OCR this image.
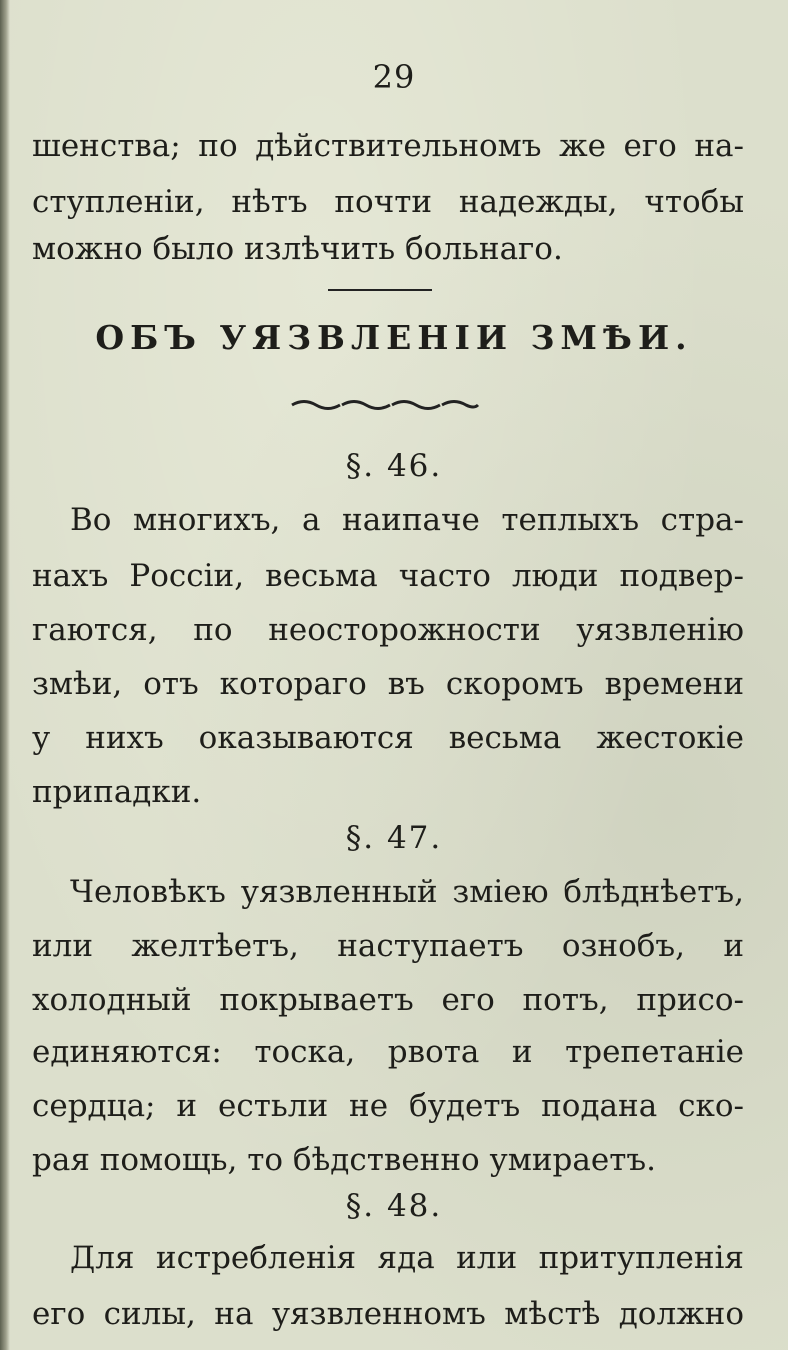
29
шенства; по дѣйствительномъ же его на-
ступленіи, нѣтъ почти надежды, чтобы
можно было излѣчить больнаго.
ОБЪ УЯЗВЛЕНІИ ЗМѢИ.
§. 46.
Во многихъ, а наипаче теплыхъ стра-
нахъ Россіи, весьма часто люди подвер-
гаются, по неосторожности уязвленію
змѣи, отъ котораго въ скоромъ времени
у нихъ оказываются весьма жестокіе
припадки.
§. 47.
Человѣкъ уязвленный зміею блѣднѣетъ,
или желтѣетъ, наступаетъ ознобъ, и
холодный покрываетъ его потъ, присо-
единяются: тоска, рвота и трепетаніе
сердца; и естьли не будетъ подана ско-
рая помощь, то бѣдственно умираетъ.
§. 48.
Для истребленія яда или притупленія
его силы, на уязвленномъ мѣстѣ должно
